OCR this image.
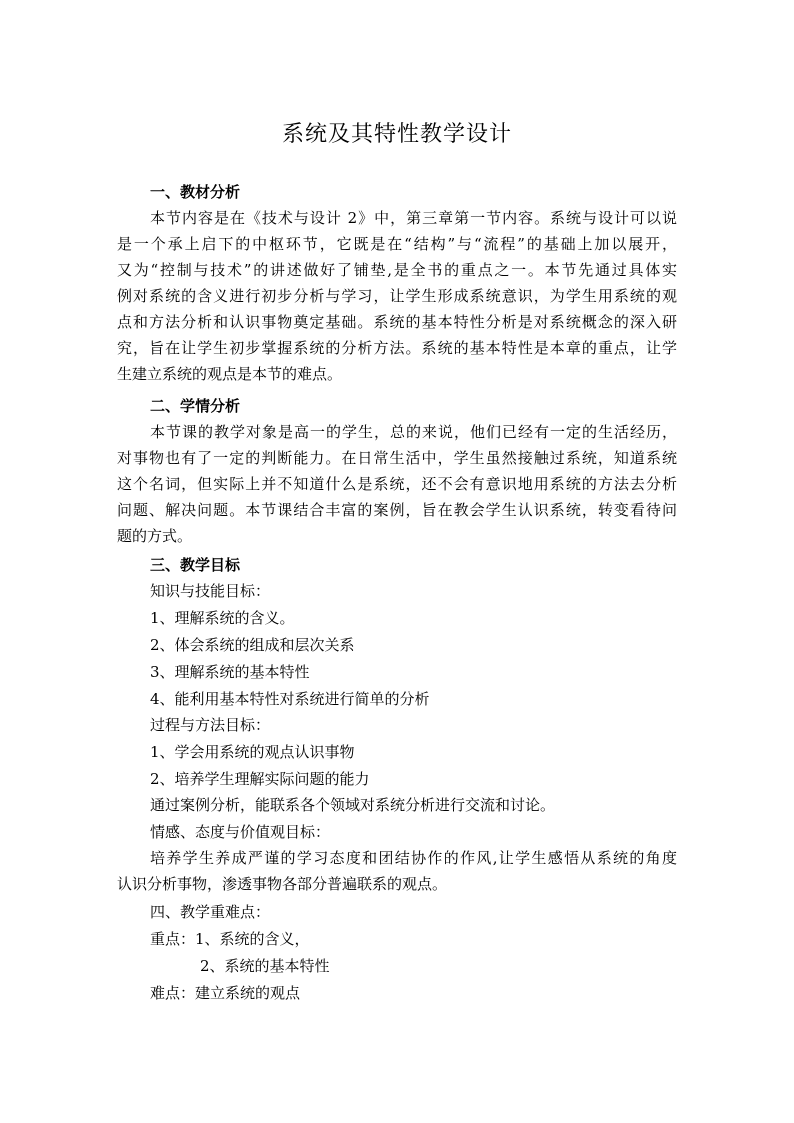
系统及其特性教学设计
一、教材分析
本节内容是在《技术与设计 2》中，第三章第一节内容。系统与设计可以说
是一个承上启下的中枢环节，它既是在“结构”与“流程”的基础上加以展开，
又为“控制与技术”的讲述做好了铺垫,是全书的重点之一。本节先通过具体实
例对系统的含义进行初步分析与学习，让学生形成系统意识，为学生用系统的观
点和方法分析和认识事物奠定基础。系统的基本特性分析是对系统概念的深入研
究，旨在让学生初步掌握系统的分析方法。系统的基本特性是本章的重点，让学
生建立系统的观点是本节的难点。
二、学情分析
本节课的教学对象是高一的学生，总的来说，他们已经有一定的生活经历，
对事物也有了一定的判断能力。在日常生活中，学生虽然接触过系统，知道系统
这个名词，但实际上并不知道什么是系统，还不会有意识地用系统的方法去分析
问题、解决问题。本节课结合丰富的案例，旨在教会学生认识系统，转变看待问
题的方式。
三、教学目标
知识与技能目标：
1、理解系统的含义。
2、体会系统的组成和层次关系
3、理解系统的基本特性
4、能利用基本特性对系统进行简单的分析
过程与方法目标：
1、学会用系统的观点认识事物
2、培养学生理解实际问题的能力
通过案例分析，能联系各个领域对系统分析进行交流和讨论。
情感、态度与价值观目标：
培养学生养成严谨的学习态度和团结协作的作风,让学生感悟从系统的角度
认识分析事物，渗透事物各部分普遍联系的观点。
四、教学重难点：
重点：1、系统的含义，
2、系统的基本特性
难点：建立系统的观点
